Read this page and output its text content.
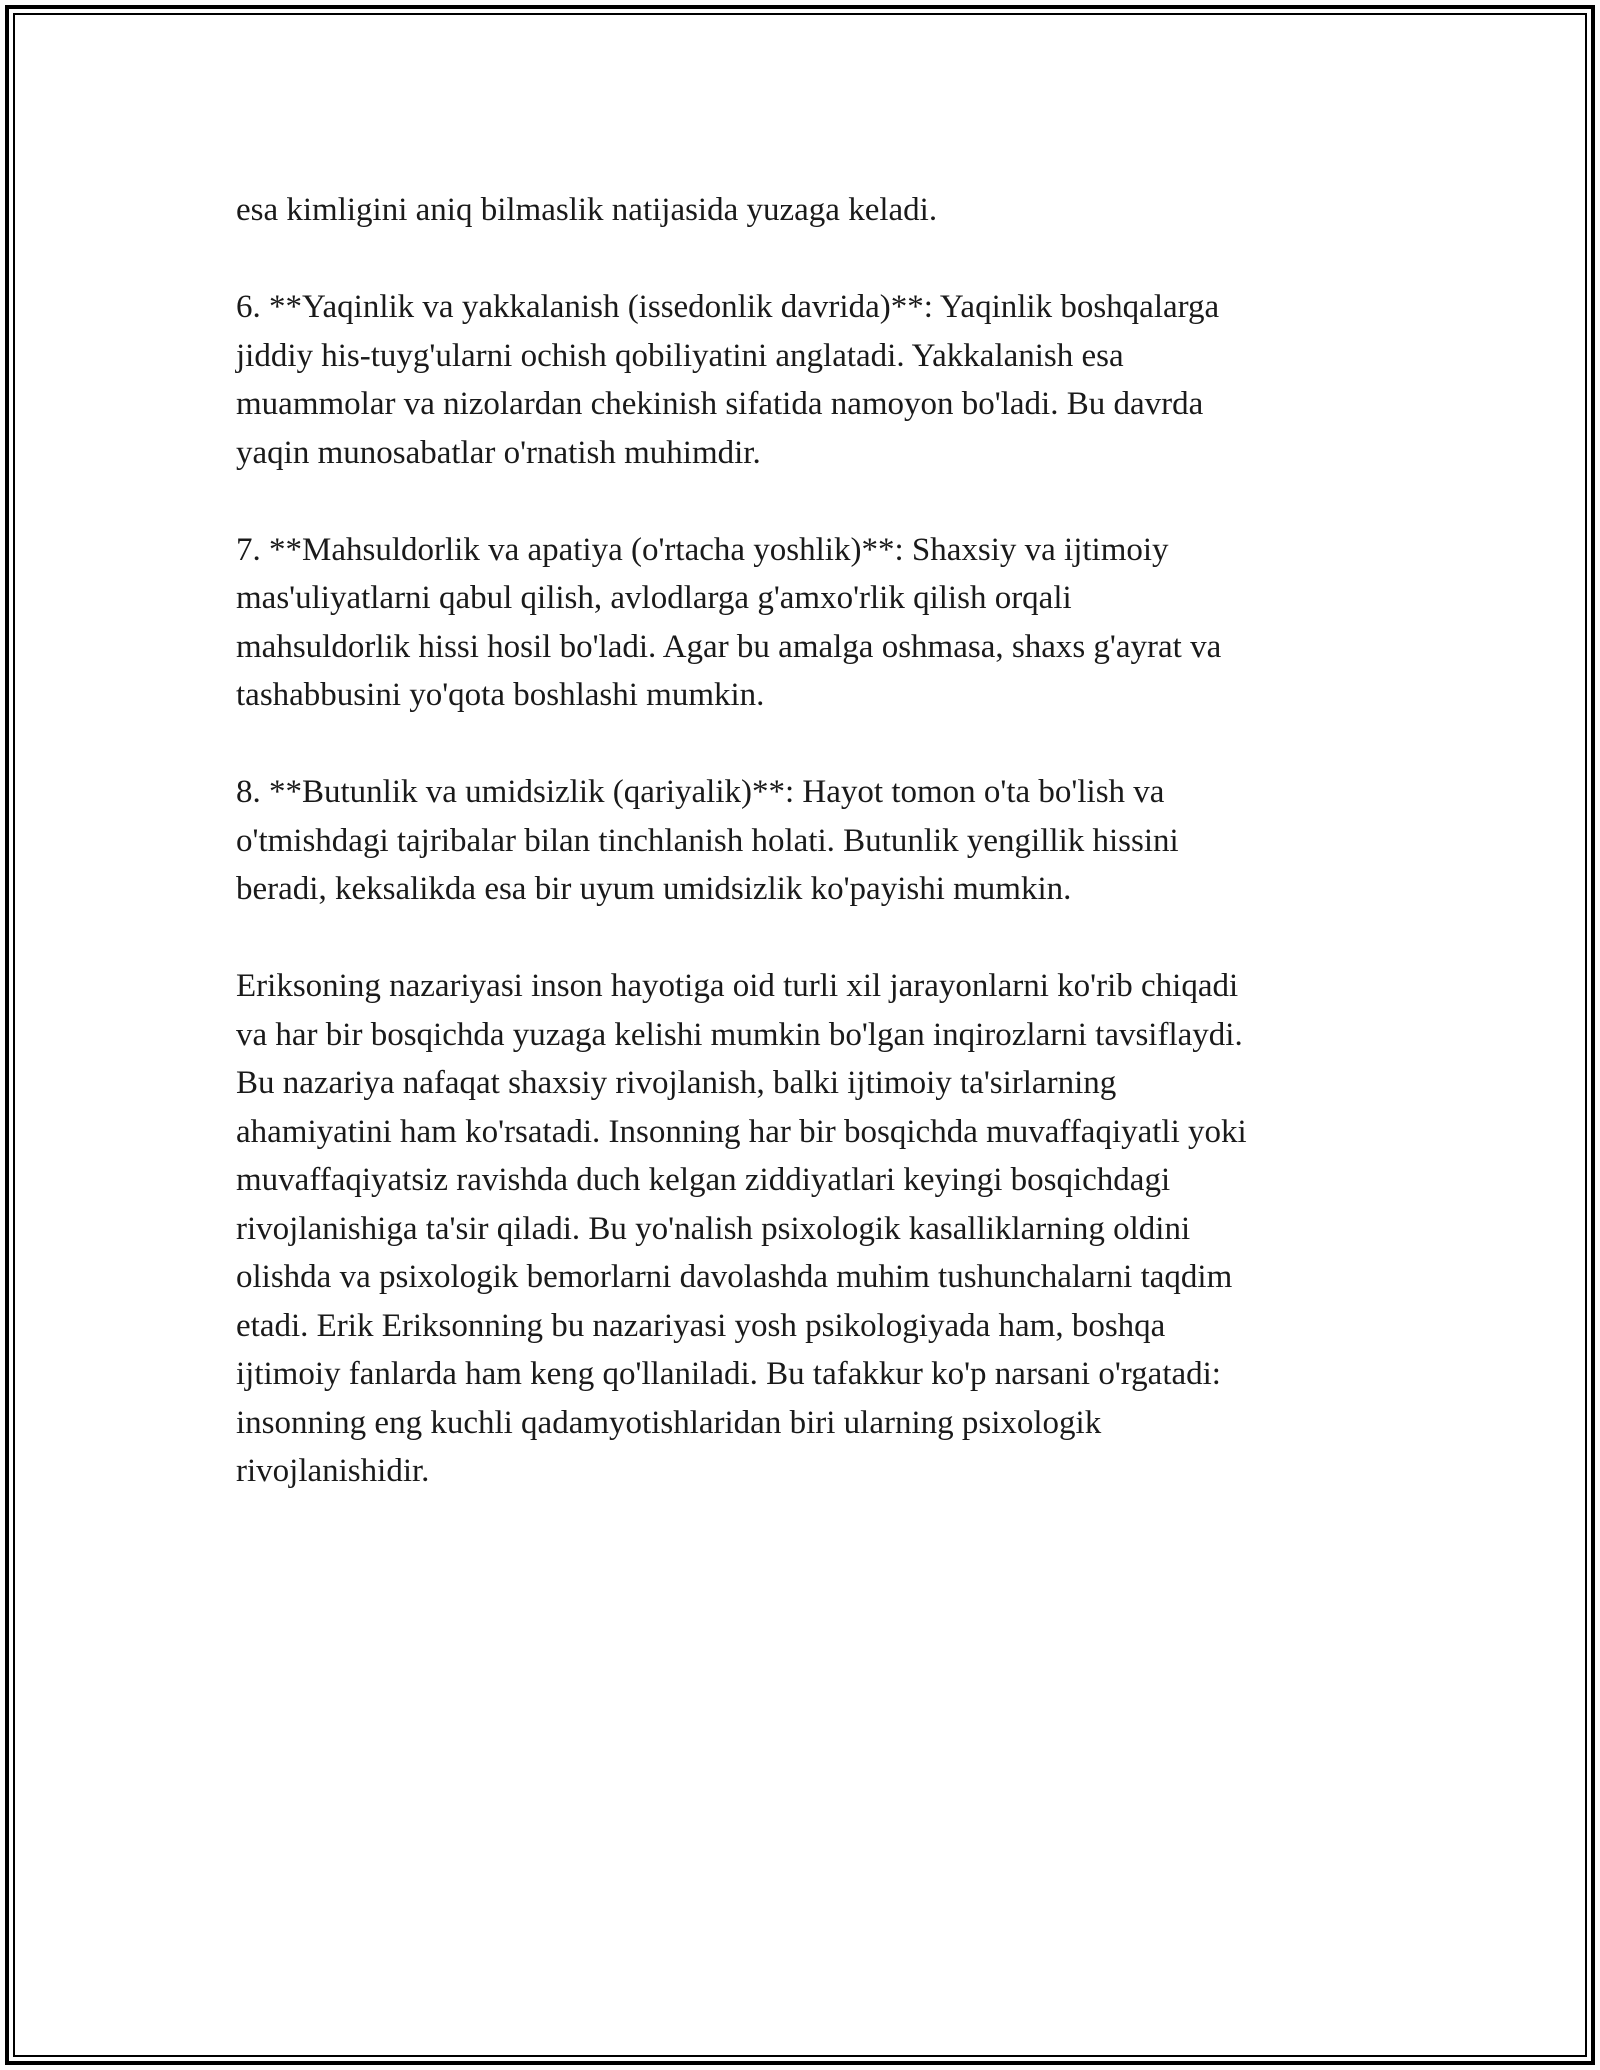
esa kimligini aniq bilmaslik natijasida yuzaga keladi.

6. **Yaqinlik va yakkalanish (issedonlik davrida)**: Yaqinlik boshqalarga
jiddiy his-tuyg'ularni ochish qobiliyatini anglatadi. Yakkalanish esa
muammolar va nizolardan chekinish sifatida namoyon bo'ladi. Bu davrda
yaqin munosabatlar o'rnatish muhimdir.

7. **Mahsuldorlik va apatiya (o'rtacha yoshlik)**: Shaxsiy va ijtimoiy
mas'uliyatlarni qabul qilish, avlodlarga g'amxo'rlik qilish orqali
mahsuldorlik hissi hosil bo'ladi. Agar bu amalga oshmasa, shaxs g'ayrat va
tashabbusini yo'qota boshlashi mumkin.

8. **Butunlik va umidsizlik (qariyalik)**: Hayot tomon o'ta bo'lish va
o'tmishdagi tajribalar bilan tinchlanish holati. Butunlik yengillik hissini
beradi, keksalikda esa bir uyum umidsizlik ko'payishi mumkin.

Eriksoning nazariyasi inson hayotiga oid turli xil jarayonlarni ko'rib chiqadi
va har bir bosqichda yuzaga kelishi mumkin bo'lgan inqirozlarni tavsiflaydi.
Bu nazariya nafaqat shaxsiy rivojlanish, balki ijtimoiy ta'sirlarning
ahamiyatini ham ko'rsatadi. Insonning har bir bosqichda muvaffaqiyatli yoki
muvaffaqiyatsiz ravishda duch kelgan ziddiyatlari keyingi bosqichdagi
rivojlanishiga ta'sir qiladi. Bu yo'nalish psixologik kasalliklarning oldini
olishda va psixologik bemorlarni davolashda muhim tushunchalarni taqdim
etadi. Erik Eriksonning bu nazariyasi yosh psikologiyada ham, boshqa
ijtimoiy fanlarda ham keng qo'llaniladi. Bu tafakkur ko'p narsani o'rgatadi:
insonning eng kuchli qadamyotishlaridan biri ularning psixologik
rivojlanishidir.
